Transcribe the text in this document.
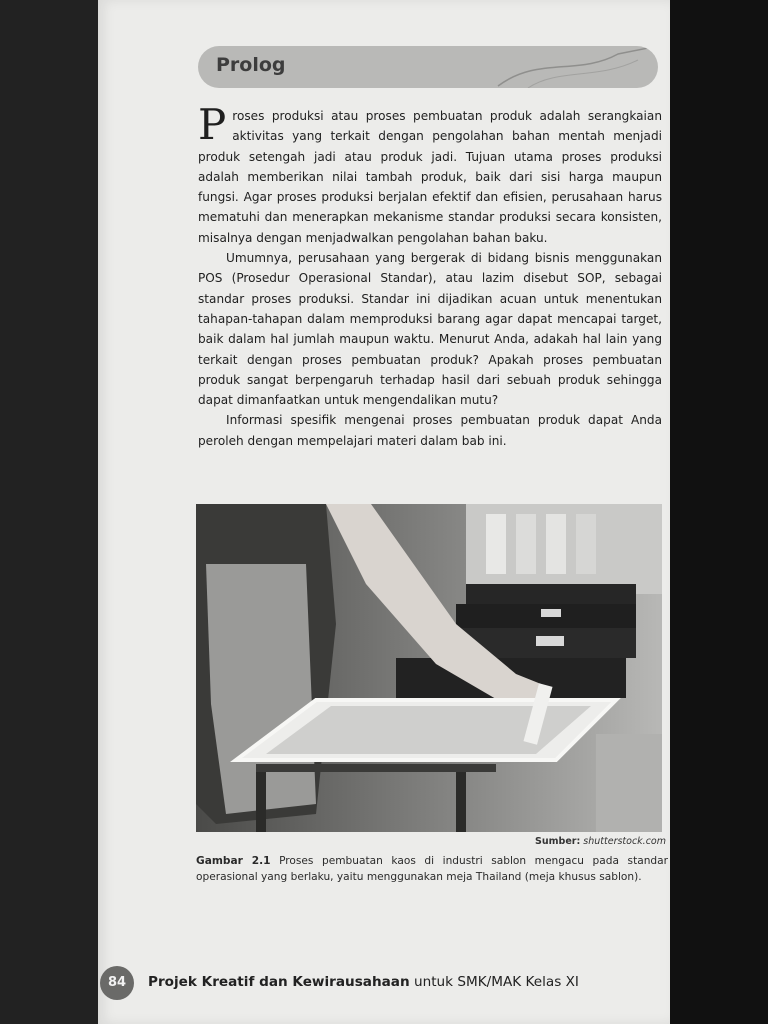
Prolog

Proses produksi atau proses pembuatan produk adalah serangkaian aktivitas yang terkait dengan pengolahan bahan mentah menjadi produk setengah jadi atau produk jadi. Tujuan utama proses produksi adalah memberikan nilai tambah produk, baik dari sisi harga maupun fungsi. Agar proses produksi berjalan efektif dan efisien, perusahaan harus mematuhi dan menerapkan mekanisme standar produksi secara konsisten, misalnya dengan menjadwalkan pengolahan bahan baku.

Umumnya, perusahaan yang bergerak di bidang bisnis menggunakan POS (Prosedur Operasional Standar), atau lazim disebut SOP, sebagai standar proses produksi. Standar ini dijadikan acuan untuk menentukan tahapan-tahapan dalam memproduksi barang agar dapat mencapai target, baik dalam hal jumlah maupun waktu. Menurut Anda, adakah hal lain yang terkait dengan proses pembuatan produk? Apakah proses pembuatan produk sangat berpengaruh terhadap hasil dari sebuah produk sehingga dapat dimanfaatkan untuk mengendalikan mutu?

Informasi spesifik mengenai proses pembuatan produk dapat Anda peroleh dengan mempelajari materi dalam bab ini.

Sumber: shutterstock.com
Gambar 2.1 Proses pembuatan kaos di industri sablon mengacu pada standar operasional yang berlaku, yaitu menggunakan meja Thailand (meja khusus sablon).
84	Projek Kreatif dan Kewirausahaan untuk SMK/MAK Kelas XI
